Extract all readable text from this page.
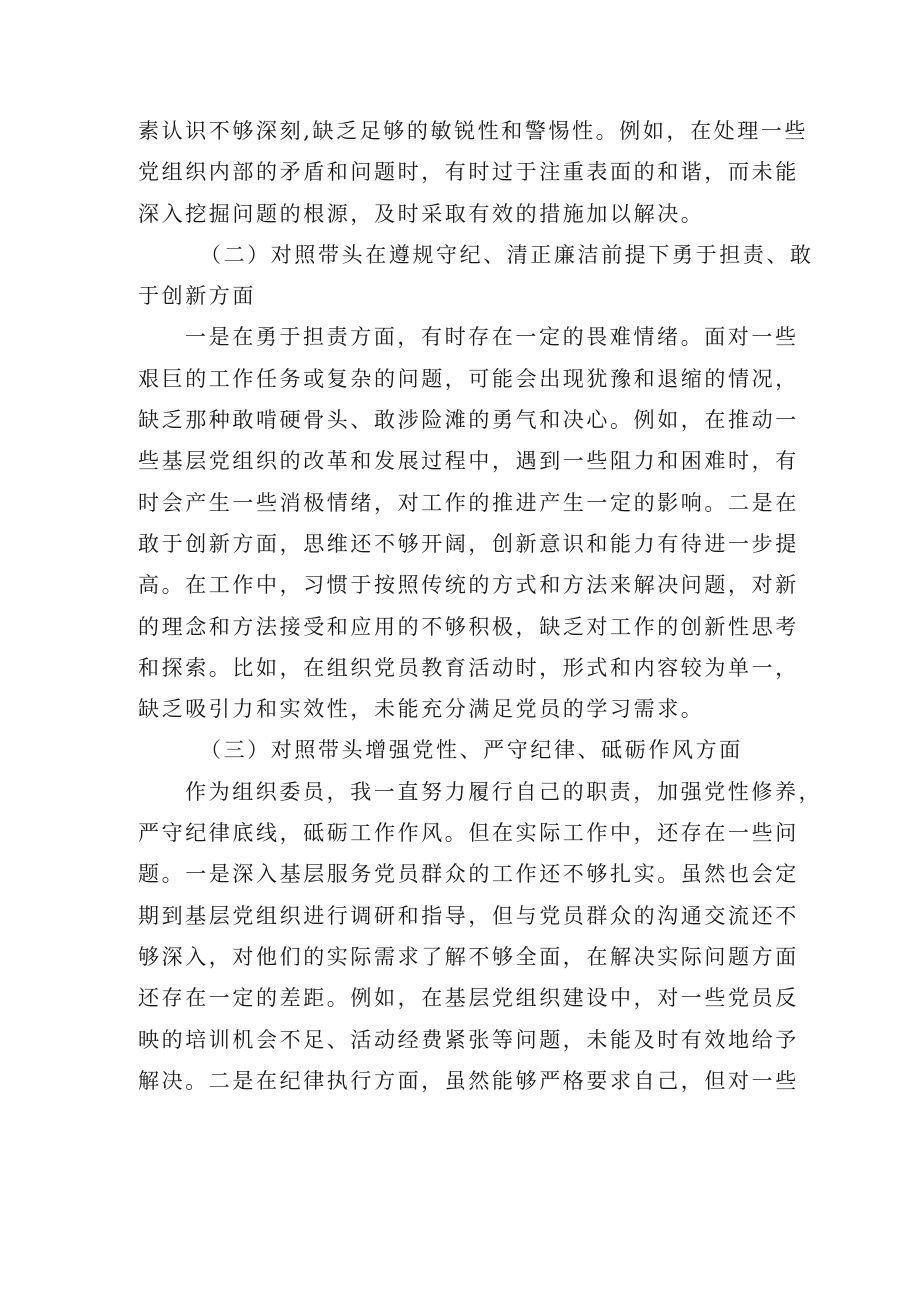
素认识不够深刻,缺乏足够的敏锐性和警惕性。例如，在处理一些
党组织内部的矛盾和问题时，有时过于注重表面的和谐，而未能
深入挖掘问题的根源，及时采取有效的措施加以解决。
（二）对照带头在遵规守纪、清正廉洁前提下勇于担责、敢
于创新方面
一是在勇于担责方面，有时存在一定的畏难情绪。面对一些
艰巨的工作任务或复杂的问题，可能会出现犹豫和退缩的情况，
缺乏那种敢啃硬骨头、敢涉险滩的勇气和决心。例如，在推动一
些基层党组织的改革和发展过程中，遇到一些阻力和困难时，有
时会产生一些消极情绪，对工作的推进产生一定的影响。二是在
敢于创新方面，思维还不够开阔，创新意识和能力有待进一步提
高。在工作中，习惯于按照传统的方式和方法来解决问题，对新
的理念和方法接受和应用的不够积极，缺乏对工作的创新性思考
和探索。比如，在组织党员教育活动时，形式和内容较为单一，
缺乏吸引力和实效性，未能充分满足党员的学习需求。
（三）对照带头增强党性、严守纪律、砥砺作风方面
作为组织委员，我一直努力履行自己的职责，加强党性修养，
严守纪律底线，砥砺工作作风。但在实际工作中，还存在一些问
题。一是深入基层服务党员群众的工作还不够扎实。虽然也会定
期到基层党组织进行调研和指导，但与党员群众的沟通交流还不
够深入，对他们的实际需求了解不够全面，在解决实际问题方面
还存在一定的差距。例如，在基层党组织建设中，对一些党员反
映的培训机会不足、活动经费紧张等问题，未能及时有效地给予
解决。二是在纪律执行方面，虽然能够严格要求自己，但对一些
